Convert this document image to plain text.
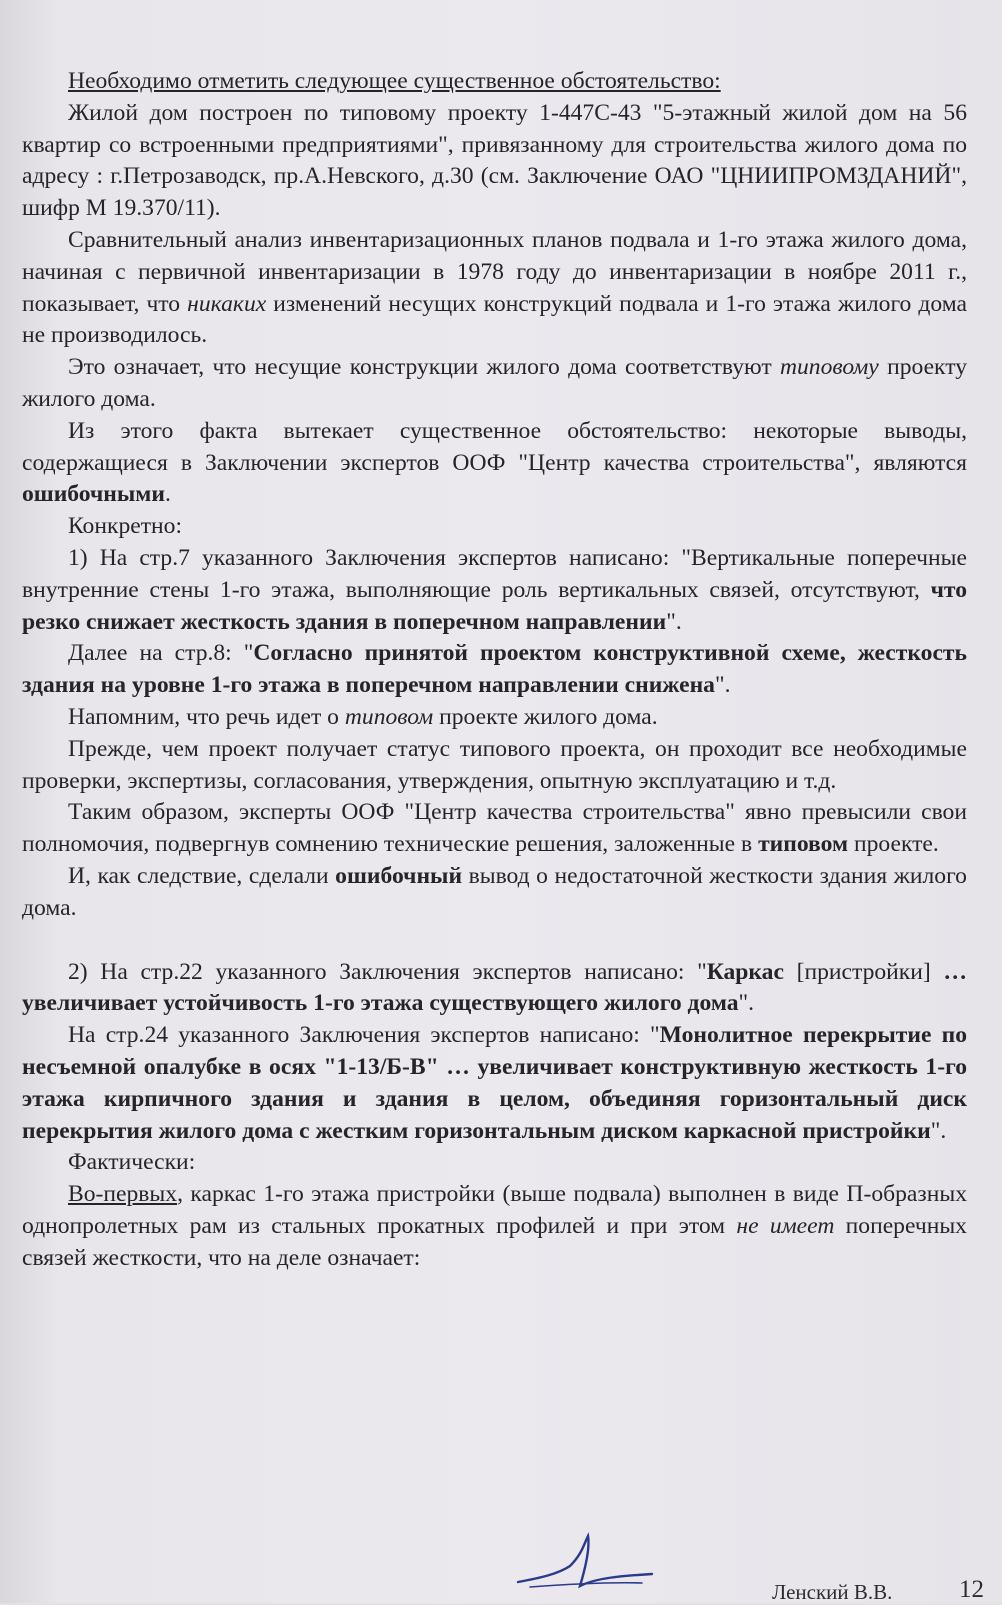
Необходимо отметить следующее существенное обстоятельство:

Жилой дом построен по типовому проекту 1-447С-43 "5-этажный жилой дом на 56 квартир со встроенными предприятиями", привязанному для строительства жилого дома по адресу : г.Петрозаводск, пр.А.Невского, д.30 (см. Заключение ОАО "ЦНИИПРОМЗДАНИЙ", шифр М 19.370/11).

Сравнительный анализ инвентаризационных планов подвала и 1-го этажа жилого дома, начиная с первичной инвентаризации в 1978 году до инвентаризации в ноябре 2011 г., показывает, что никаких изменений несущих конструкций подвала и 1-го этажа жилого дома не производилось.

Это означает, что несущие конструкции жилого дома соответствуют типовому проекту жилого дома.

Из этого факта вытекает существенное обстоятельство: некоторые выводы, содержащиеся в Заключении экспертов ООФ "Центр качества строительства", являются ошибочными.

Конкретно:

1) На стр.7 указанного Заключения экспертов написано: "Вертикальные поперечные внутренние стены 1-го этажа, выполняющие роль вертикальных связей, отсутствуют, что резко снижает жесткость здания в поперечном направлении".

Далее на стр.8: "Согласно принятой проектом конструктивной схеме, жесткость здания на уровне 1-го этажа в поперечном направлении снижена".

Напомним, что речь идет о типовом проекте жилого дома.

Прежде, чем проект получает статус типового проекта, он проходит все необходимые проверки, экспертизы, согласования, утверждения, опытную эксплуатацию и т.д.

Таким образом, эксперты ООФ "Центр качества строительства" явно превысили свои полномочия, подвергнув сомнению технические решения, заложенные в типовом проекте.

И, как следствие, сделали ошибочный вывод о недостаточной жесткости здания жилого дома.

2) На стр.22 указанного Заключения экспертов написано: "Каркас [пристройки] … увеличивает устойчивость 1-го этажа существующего жилого дома".

На стр.24 указанного Заключения экспертов написано: "Монолитное перекрытие по несъемной опалубке в осях "1-13/Б-В" … увеличивает конструктивную жесткость 1-го этажа кирпичного здания и здания в целом, объединяя горизонтальный диск перекрытия жилого дома с жестким горизонтальным диском каркасной пристройки".

Фактически:

Во-первых, каркас 1-го этажа пристройки (выше подвала) выполнен в виде П-образных однопролетных рам из стальных прокатных профилей и при этом не имеет поперечных связей жесткости, что на деле означает:

Ленский В.В.	12
